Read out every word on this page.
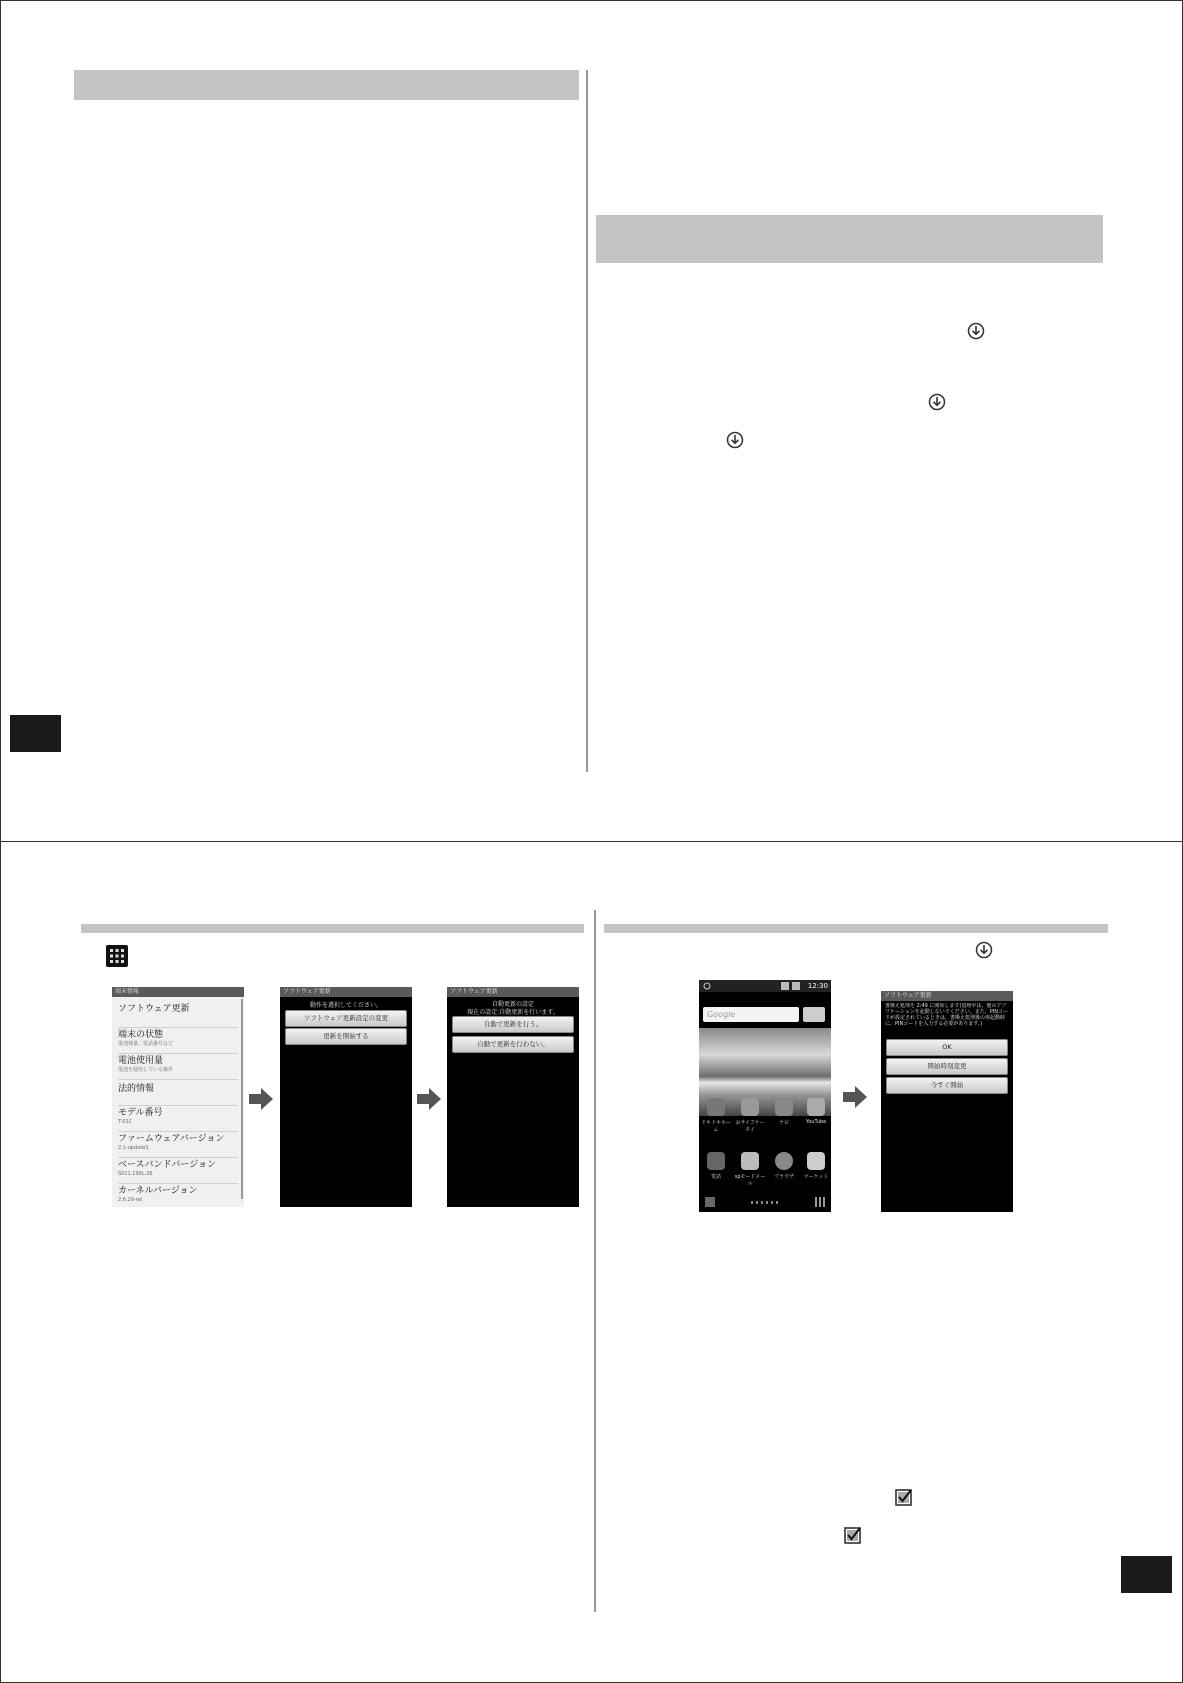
端末情報
ソフトウェア更新
端末の状態
電池残量、電話番号など
電池使用量
電池を使用している操作
法的情報
モデル番号
T-01C
ファームウェアバージョン
2.1-update1
ベースバンドバージョン
S011.190L.26
カーネルバージョン
2.6.29-rel
ソフトウェア更新
動作を選択してください。
ソフトウェア更新設定の変更
更新を開始する
ソフトウェア更新
自動更新の設定
現在の設定:自動更新を行います。
自動で更新を行う。
自動で更新を行わない。
12:30
Google
ドキドキホーム
おサイフケータイ
ナビ	YouTube
電話	spモードメール
ブラウザ	マーケット
ソフトウェア更新
書換え処理を 2:49 に開始します(処理中は、他のアプリケーションを起動しないでください。また、PINコードが設定されているときは、書換え処理後の再起動時に、PINコードを入力する必要があります。)
OK
開始時刻変更
今すぐ開始
